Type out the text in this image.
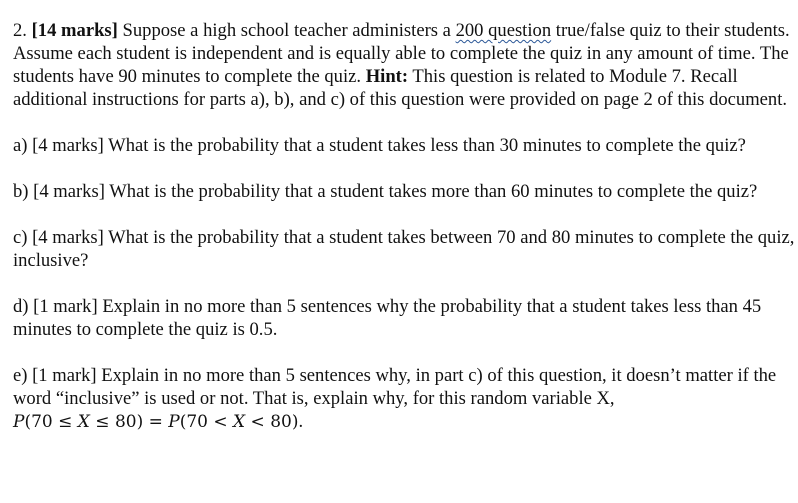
2. [14 marks] Suppose a high school teacher administers a 200 question true/false quiz to their students. Assume each student is independent and is equally able to complete the quiz in any amount of time. The students have 90 minutes to complete the quiz. Hint: This question is related to Module 7. Recall additional instructions for parts a), b), and c) of this question were provided on page 2 of this document.

a) [4 marks] What is the probability that a student takes less than 30 minutes to complete the quiz?

b) [4 marks] What is the probability that a student takes more than 60 minutes to complete the quiz?

c) [4 marks] What is the probability that a student takes between 70 and 80 minutes to complete the quiz, inclusive?

d) [1 mark] Explain in no more than 5 sentences why the probability that a student takes less than 45 minutes to complete the quiz is 0.5.

e) [1 mark] Explain in no more than 5 sentences why, in part c) of this question, it doesn’t matter if the word “inclusive” is used or not. That is, explain why, for this random variable X,

P(70 ≤ X ≤ 80) = P(70 < X < 80).
